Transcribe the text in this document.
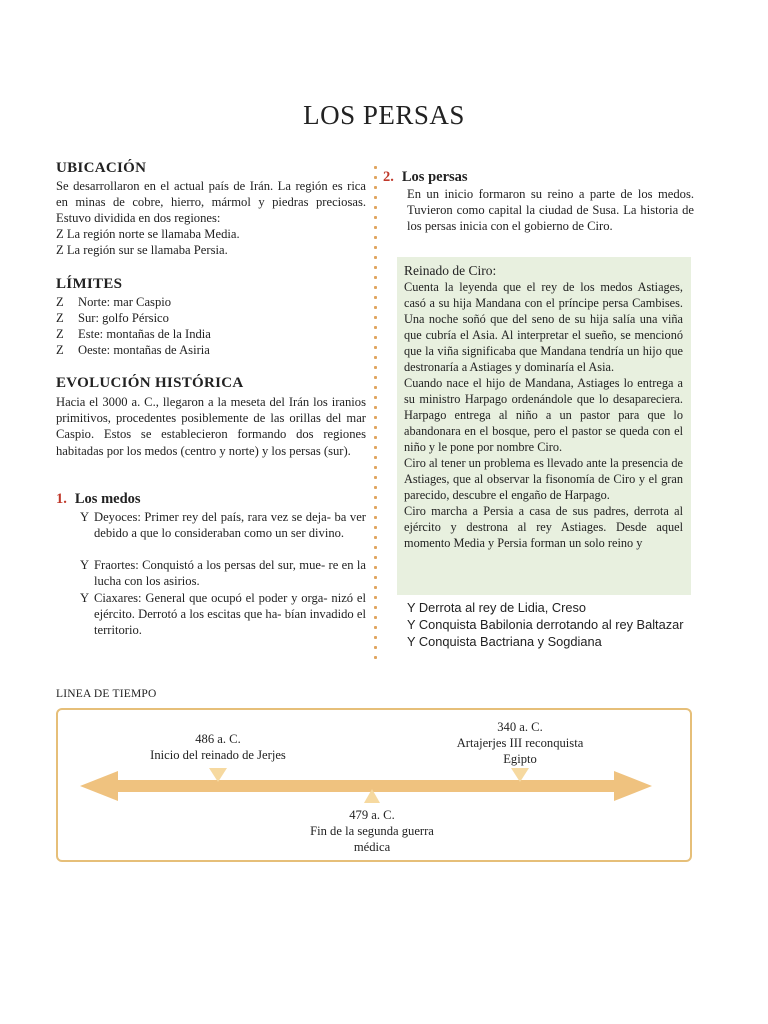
LOS PERSAS
UBICACIÓN
Se desarrollaron en el actual país de Irán. La región es rica en minas de cobre, hierro, mármol y piedras preciosas. Estuvo dividida en dos regiones:
Z La región norte se llamaba Media.
Z La región sur se llamaba Persia.
LÍMITES
Z Norte: mar Caspio
Z Sur: golfo Pérsico
Z Este: montañas de la India
Z Oeste: montañas de Asiria
EVOLUCIÓN HISTÓRICA
Hacia el 3000 a. C., llegaron a la meseta del Irán los iranios primitivos, procedentes posiblemente de las orillas del mar Caspio. Estos se establecieron formando dos regiones habitadas por los medos (centro y norte) y los persas (sur).
1. Los medos
Y Deyoces: Primer rey del país, rara vez se deja- ba ver debido a que lo consideraban como un ser divino.
Y Fraortes: Conquistó a los persas del sur, mue- re en la lucha con los asirios.
Y Ciaxares: General que ocupó el poder y orga- nizó el ejército. Derrotó a los escitas que ha- bían invadido el territorio.
2. Los persas
En un inicio formaron su reino a parte de los medos. Tuvieron como capital la ciudad de Susa. La historia de los persas inicia con el gobierno de Ciro.
Reinado de Ciro:

Cuenta la leyenda que el rey de los medos Astiages, casó a su hija Mandana con el príncipe persa Cambises. Una noche soñó que del seno de su hija salía una viña que cubría el Asia. Al interpretar el sueño, se mencionó que la viña significaba que Mandana tendría un hijo que destronaría a Astiages y dominaría el Asia.

Cuando nace el hijo de Mandana, Astiages lo entrega a su ministro Harpago ordenándole que lo desapareciera. Harpago entrega al niño a un pastor para que lo abandonara en el bosque, pero el pastor se queda con el niño y le pone por nombre Ciro.

Ciro al tener un problema es llevado ante la presencia de Astiages, que al observar la fisonomía de Ciro y el gran parecido, descubre el engaño de Harpago.

Ciro marcha a Persia a casa de sus padres, derrota al ejército y destrona al rey Astiages. Desde aquel momento Media y Persia forman un solo reino y

Y Derrota al rey de Lidia, Creso
Y Conquista Babilonia derrotando al rey Baltazar
Y Conquista Bactriana y Sogdiana
LINEA DE TIEMPO
486 a. C.
Inicio del reinado de Jerjes
340 a. C.
Artajerjes III reconquista Egipto
479 a. C.
Fin de la segunda guerra médica
